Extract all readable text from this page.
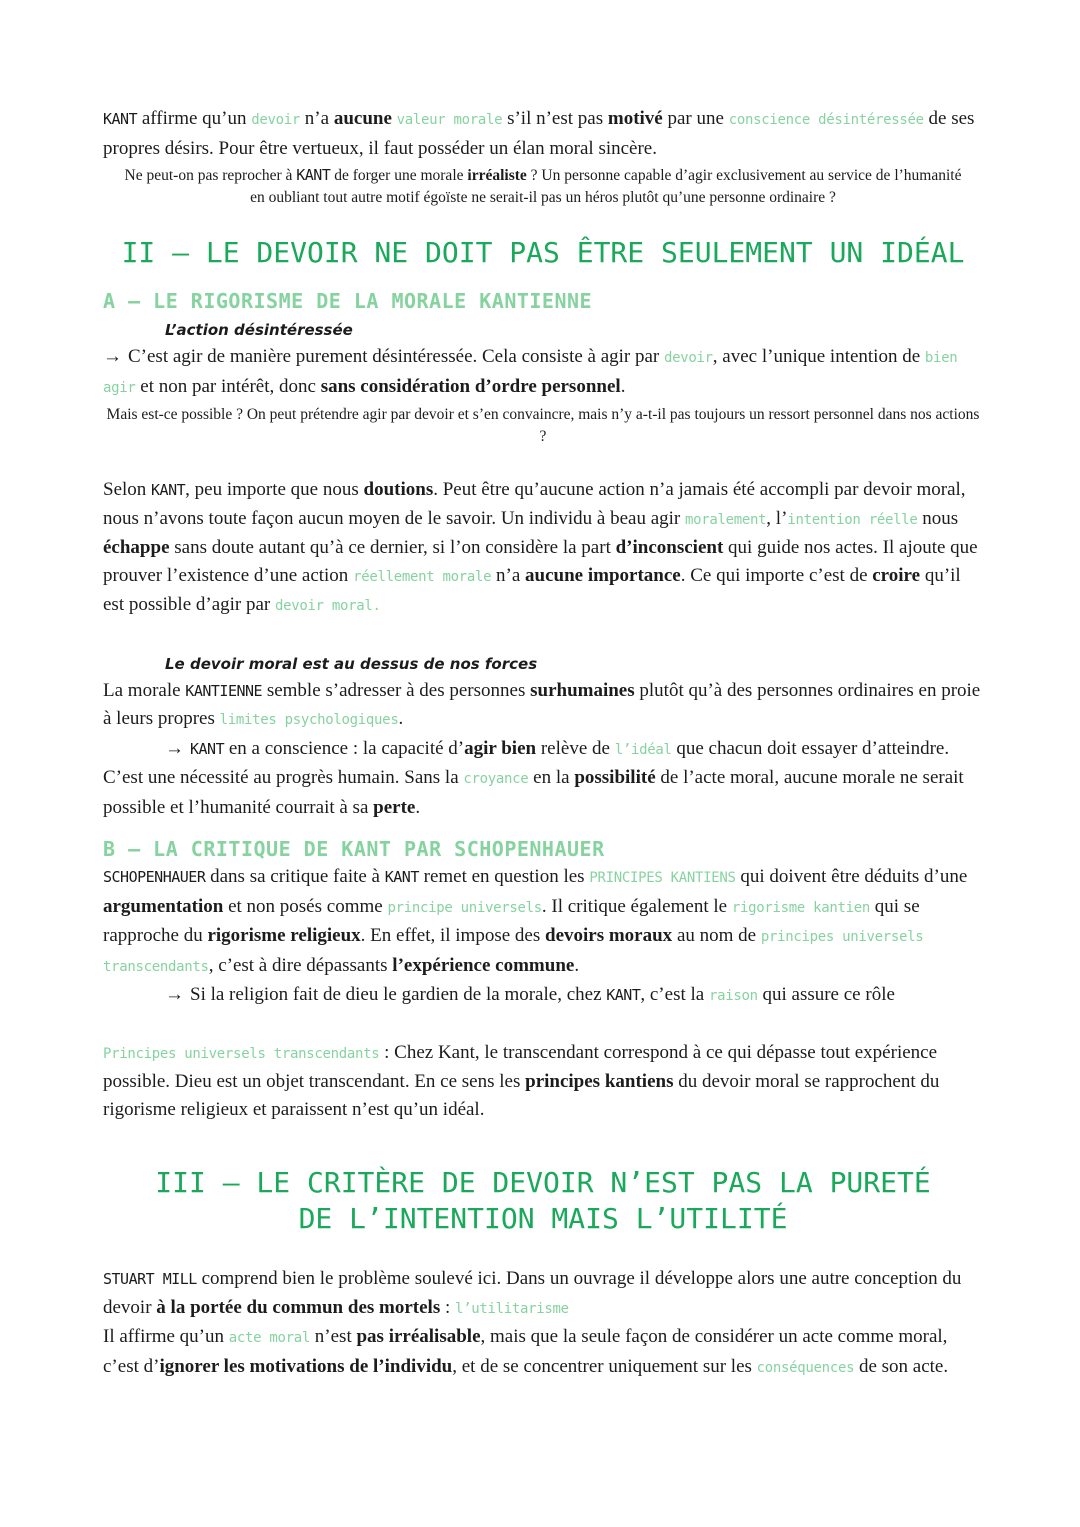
KANT affirme qu’un devoir n’a aucune valeur morale s’il n’est pas motivé par une conscience désintéressée de ses propres désirs. Pour être vertueux, il faut posséder un élan moral sincère.

Ne peut-on pas reprocher à KANT de forger une morale irréaliste ? Un personne capable d’agir exclusivement au service de l’humanité en oubliant tout autre motif égoïste ne serait-il pas un héros plutôt qu’une personne ordinaire ?

II – LE DEVOIR NE DOIT PAS ÊTRE SEULEMENT UN IDÉAL
A – LE RIGORISME DE LA MORALE KANTIENNE
L’action désintéressée

→ C’est agir de manière purement désintéressée. Cela consiste à agir par devoir, avec l’unique intention de bien agir et non par intérêt, donc sans considération d’ordre personnel.

Mais est-ce possible ? On peut prétendre agir par devoir et s’en convaincre, mais n’y a-t-il pas toujours un ressort personnel dans nos actions ?

Selon KANT, peu importe que nous doutions. Peut être qu’aucune action n’a jamais été accompli par devoir moral, nous n’avons toute façon aucun moyen de le savoir. Un individu à beau agir moralement, l’intention réelle nous échappe sans doute autant qu’à ce dernier, si l’on considère la part d’inconscient qui guide nos actes. Il ajoute que prouver l’existence d’une action réellement morale n’a aucune importance. Ce qui importe c’est de croire qu’il est possible d’agir par devoir moral.

Le devoir moral est au dessus de nos forces

La morale KANTIENNE semble s’adresser à des personnes surhumaines plutôt qu’à des personnes ordinaires en proie à leurs propres limites psychologiques.

→ KANT en a conscience : la capacité d’agir bien relève de l’idéal que chacun doit essayer d’atteindre. C’est une nécessité au progrès humain. Sans la croyance en la possibilité de l’acte moral, aucune morale ne serait possible et l’humanité courrait à sa perte.

B – LA CRITIQUE DE KANT PAR SCHOPENHAUER

SCHOPENHAUER dans sa critique faite à KANT remet en question les PRINCIPES KANTIENS qui doivent être déduits d’une argumentation et non posés comme principe universels. Il critique également le rigorisme kantien qui se rapproche du rigorisme religieux. En effet, il impose des devoirs moraux au nom de principes universels transcendants, c’est à dire dépassants l’expérience commune.

→ Si la religion fait de dieu le gardien de la morale, chez KANT, c’est la raison qui assure ce rôle

Principes universels transcendants : Chez Kant, le transcendant correspond à ce qui dépasse tout expérience possible. Dieu est un objet transcendant. En ce sens les principes kantiens du devoir moral se rapprochent du rigorisme religieux et paraissent n’est qu’un idéal.

III – LE CRITÈRE DE DEVOIR N’EST PAS LA PURETÉ DE L’INTENTION MAIS L’UTILITÉ

STUART MILL comprend bien le problème soulevé ici. Dans un ouvrage il développe alors une autre conception du devoir à la portée du commun des mortels : l’utilitarisme

Il affirme qu’un acte moral n’est pas irréalisable, mais que la seule façon de considérer un acte comme moral, c’est d’ignorer les motivations de l’individu, et de se concentrer uniquement sur les conséquences de son acte.
